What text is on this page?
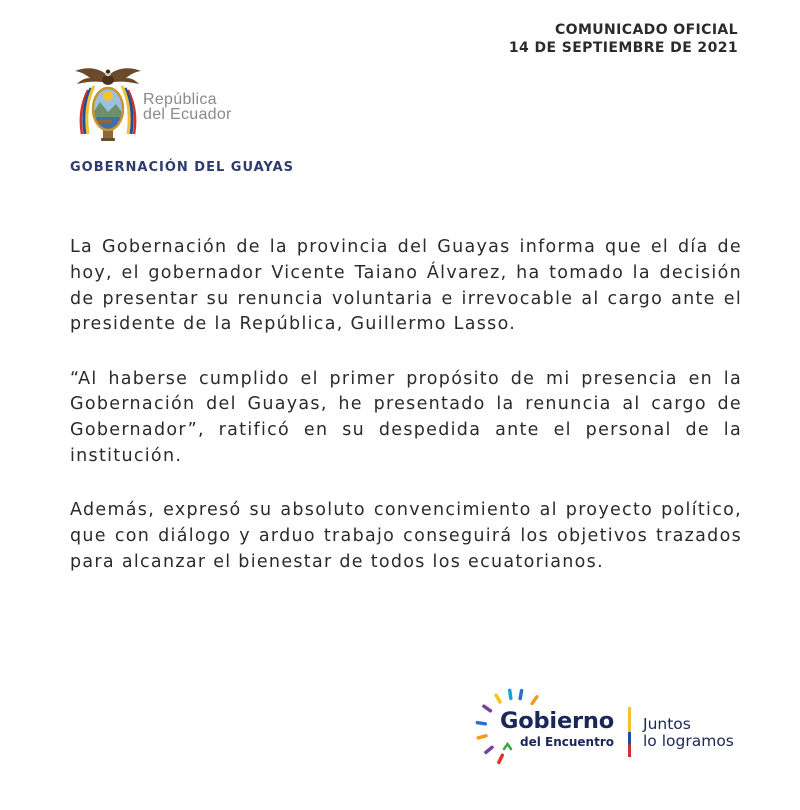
COMUNICADO OFICIAL
14 DE SEPTIEMBRE DE 2021
República
del Ecuador
GOBERNACIÓN DEL GUAYAS

La Gobernación de la provincia del Guayas informa que el día de hoy, el gobernador Vicente Taiano Álvarez, ha tomado la decisión de presentar su renuncia voluntaria e irrevocable al cargo ante el presidente de la República, Guillermo Lasso.

“Al haberse cumplido el primer propósito de mi presencia en la Gobernación del Guayas, he presentado la renuncia al cargo de Gobernador”, ratificó en su despedida ante el personal de la institución.

Además, expresó su absoluto convencimiento al proyecto político, que con diálogo y arduo trabajo conseguirá los objetivos trazados para alcanzar el bienestar de todos los ecuatorianos.

Gobierno
del Encuentro
Juntos
lo logramos
